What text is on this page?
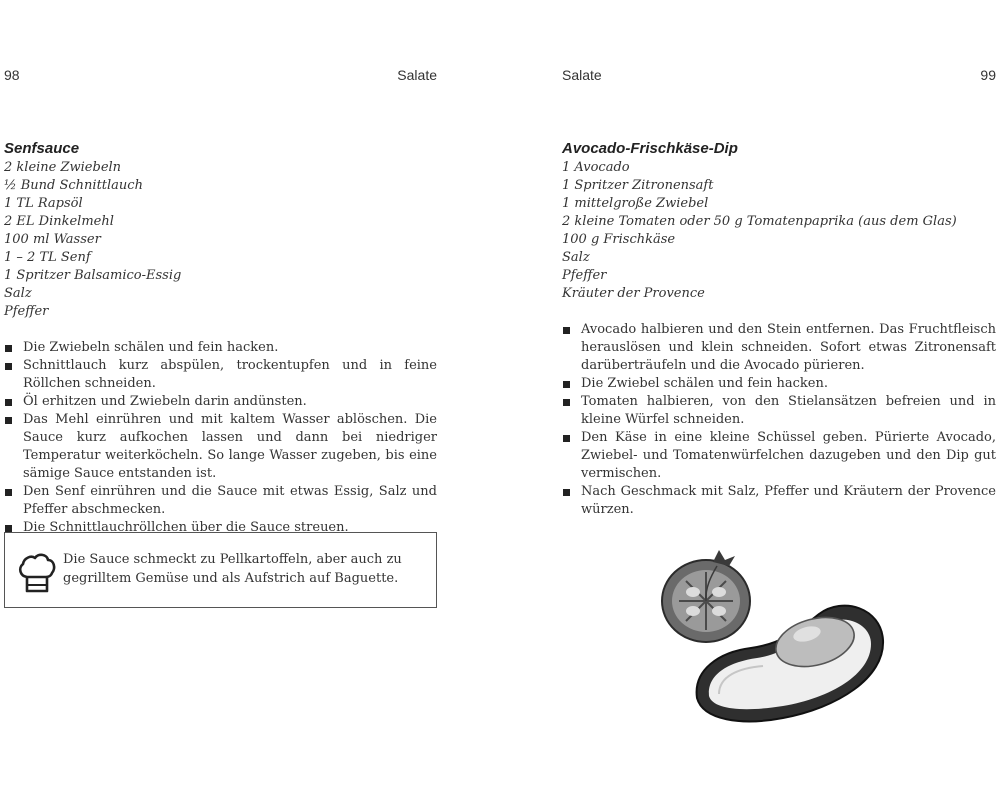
98	Salate
Senfsauce
2 kleine Zwiebeln
½ Bund Schnittlauch
1 TL Rapsöl
2 EL Dinkelmehl
100 ml Wasser
1 – 2 TL Senf
1 Spritzer Balsamico-Essig
Salz
Pfeffer
Die Zwiebeln schälen und fein hacken.
Schnittlauch kurz abspülen, trockentupfen und in feine Röllchen schneiden.
Öl erhitzen und Zwiebeln darin andünsten.
Das Mehl einrühren und mit kaltem Wasser ablöschen. Die Sauce kurz aufkochen lassen und dann bei niedriger Temperatur weiterköcheln. So lange Wasser zugeben, bis eine sämige Sauce entstanden ist.
Den Senf einrühren und die Sauce mit etwas Essig, Salz und Pfeffer abschmecken.
Die Schnittlauchröllchen über die Sauce streuen.
Die Sauce schmeckt zu Pellkartoffeln, aber auch zu gegrilltem Gemüse und als Aufstrich auf Baguette.
Salate	99
Avocado-Frischkäse-Dip
1 Avocado
1 Spritzer Zitronensaft
1 mittelgroße Zwiebel
2 kleine Tomaten oder 50 g Tomatenpaprika (aus dem Glas)
100 g Frischkäse
Salz
Pfeffer
Kräuter der Provence
Avocado halbieren und den Stein entfernen. Das Fruchtfleisch herauslösen und klein schneiden. Sofort etwas Zitronensaft darüberträufeln und die Avocado pürieren.
Die Zwiebel schälen und fein hacken.
Tomaten halbieren, von den Stielansätzen befreien und in kleine Würfel schneiden.
Den Käse in eine kleine Schüssel geben. Pürierte Avocado, Zwiebel- und Tomatenwürfelchen dazugeben und den Dip gut vermischen.
Nach Geschmack mit Salz, Pfeffer und Kräutern der Provence würzen.
